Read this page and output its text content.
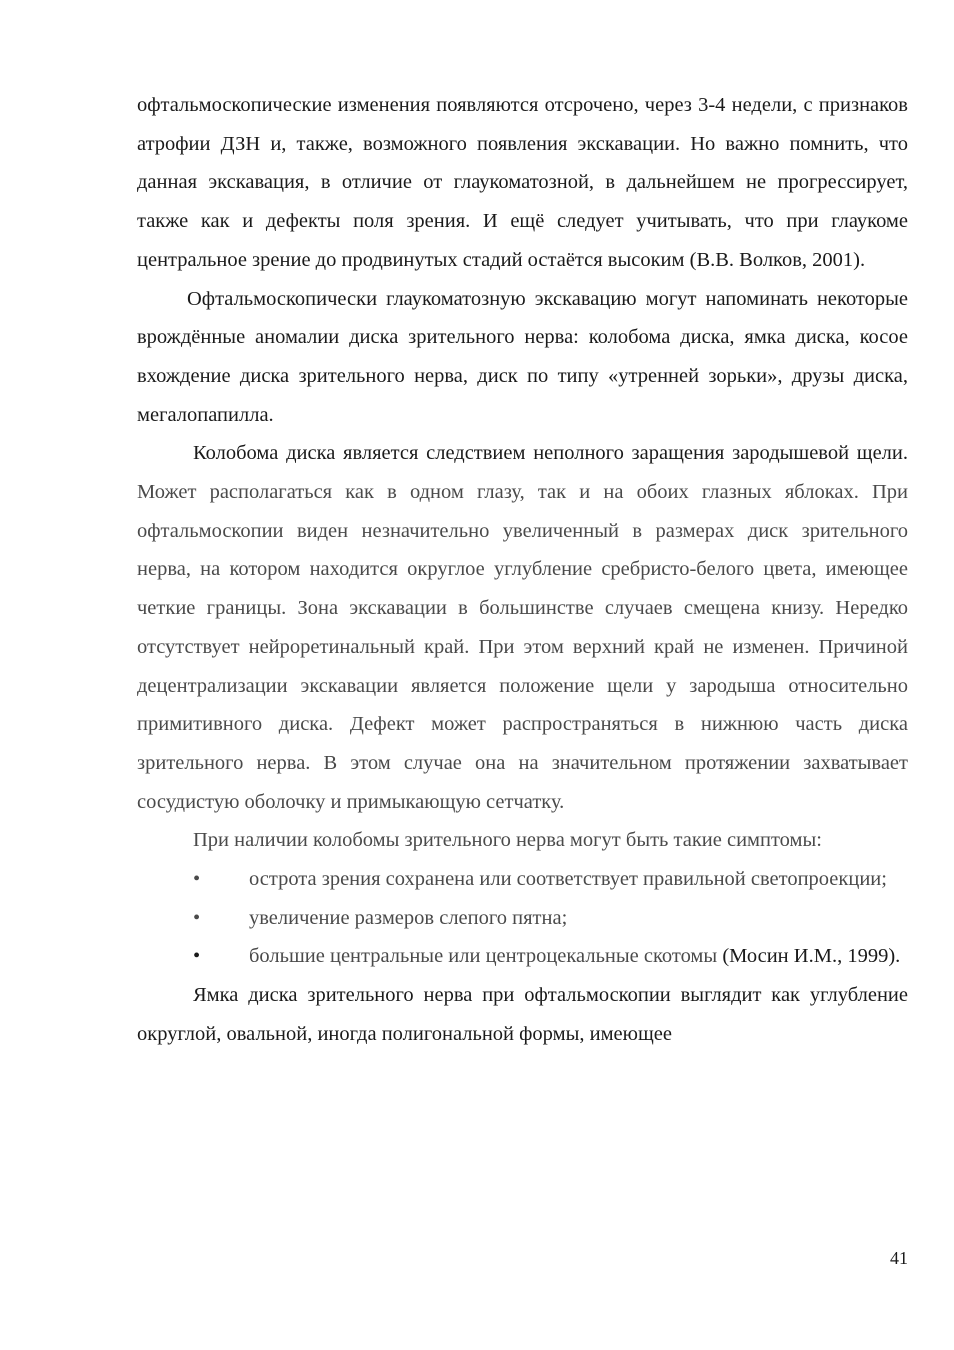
офтальмоскопические изменения появляются отсрочено, через 3-4 недели, с признаков атрофии ДЗН и, также, возможного появления экскавации. Но важно помнить, что данная экскавация, в отличие от глаукоматозной, в дальнейшем не прогрессирует, также как и дефекты поля зрения. И ещё следует учитывать, что при глаукоме центральное зрение до продвинутых стадий остаётся высоким (В.В. Волков, 2001).

Офтальмоскопически глаукоматозную экскавацию могут напоминать некоторые врождённые аномалии диска зрительного нерва: колобома диска, ямка диска, косое вхождение диска зрительного нерва, диск по типу «утренней зорьки», друзы диска, мегалопапилла.

Колобома диска является следствием неполного заращения зародышевой щели. Может располагаться как в одном глазу, так и на обоих глазных яблоках. При офтальмоскопии виден незначительно увеличенный в размерах диск зрительного нерва, на котором находится округлое углубление сребристо-белого цвета, имеющее четкие границы. Зона экскавации в большинстве случаев смещена книзу. Нередко отсутствует нейроретинальный край. При этом верхний край не изменен. Причиной децентрализации экскавации является положение щели у зародыша относительно примитивного диска. Дефект может распространяться в нижнюю часть диска зрительного нерва. В этом случае она на значительном протяжении захватывает сосудистую оболочку и примыкающую сетчатку.

При наличии колобомы зрительного нерва могут быть такие симптомы:

• острота зрения сохранена или соответствует правильной светопроекции;

• увеличение размеров слепого пятна;

• большие центральные или центроцекальные скотомы (Мосин И.М., 1999).

Ямка диска зрительного нерва при офтальмоскопии выглядит как углубление округлой, овальной, иногда полигональной формы, имеющее

41
